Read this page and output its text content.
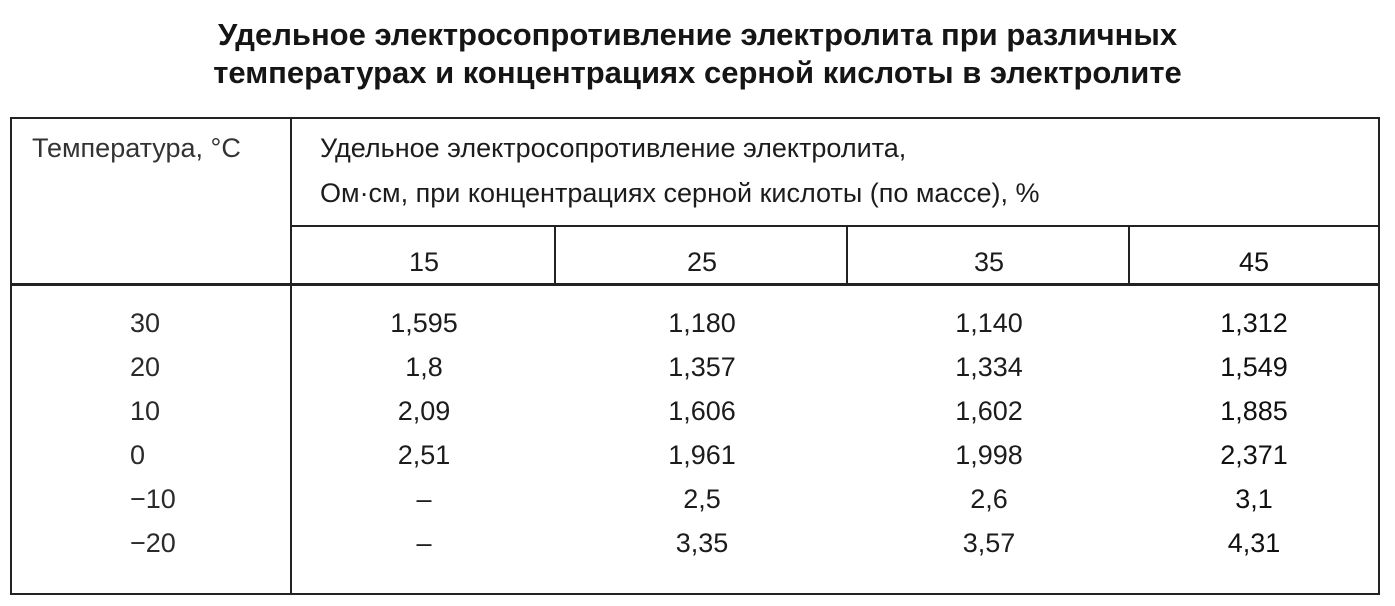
Удельное электросопротивление электролита при различных
температурах и концентрациях серной кислоты в электролите
Температура, °С	Удельное электросопротивление электролита,
Ом·см, при концентрациях серной кислоты (по массе), %
15	25	35	45
30	1,595	1,180	1,140	1,312
20	1,8	1,357	1,334	1,549
10	2,09	1,606	1,602	1,885
0	2,51	1,961	1,998	2,371
−10	–	2,5	2,6	3,1
−20	–	3,35	3,57	4,31
